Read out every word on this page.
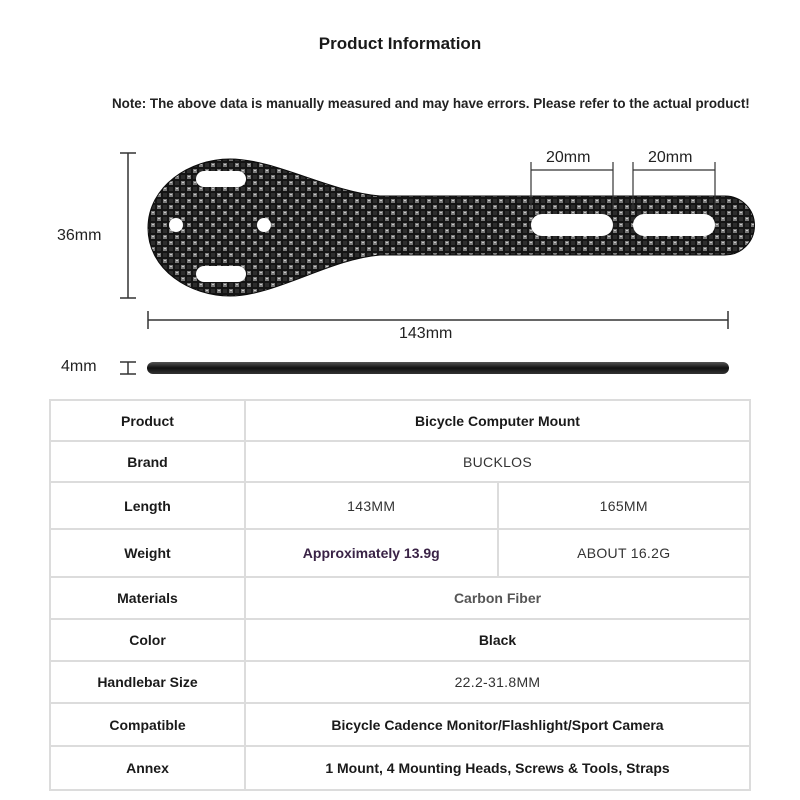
Product Information
Note: The above data is manually measured and may have errors. Please refer to the actual product!
36mm
143mm
4mm
20mm	20mm
Product	Bicycle Computer Mount	
Brand	BUCKLOS	
Length	143MM	165MM
Weight	Approximately 13.9g	ABOUT 16.2G
Materials	Carbon Fiber	
Color	Black	
Handlebar Size	22.2-31.8MM	
Compatible	Bicycle Cadence Monitor/Flashlight/Sport Camera	
Annex	1 Mount, 4 Mounting Heads, Screws & Tools, Straps	
